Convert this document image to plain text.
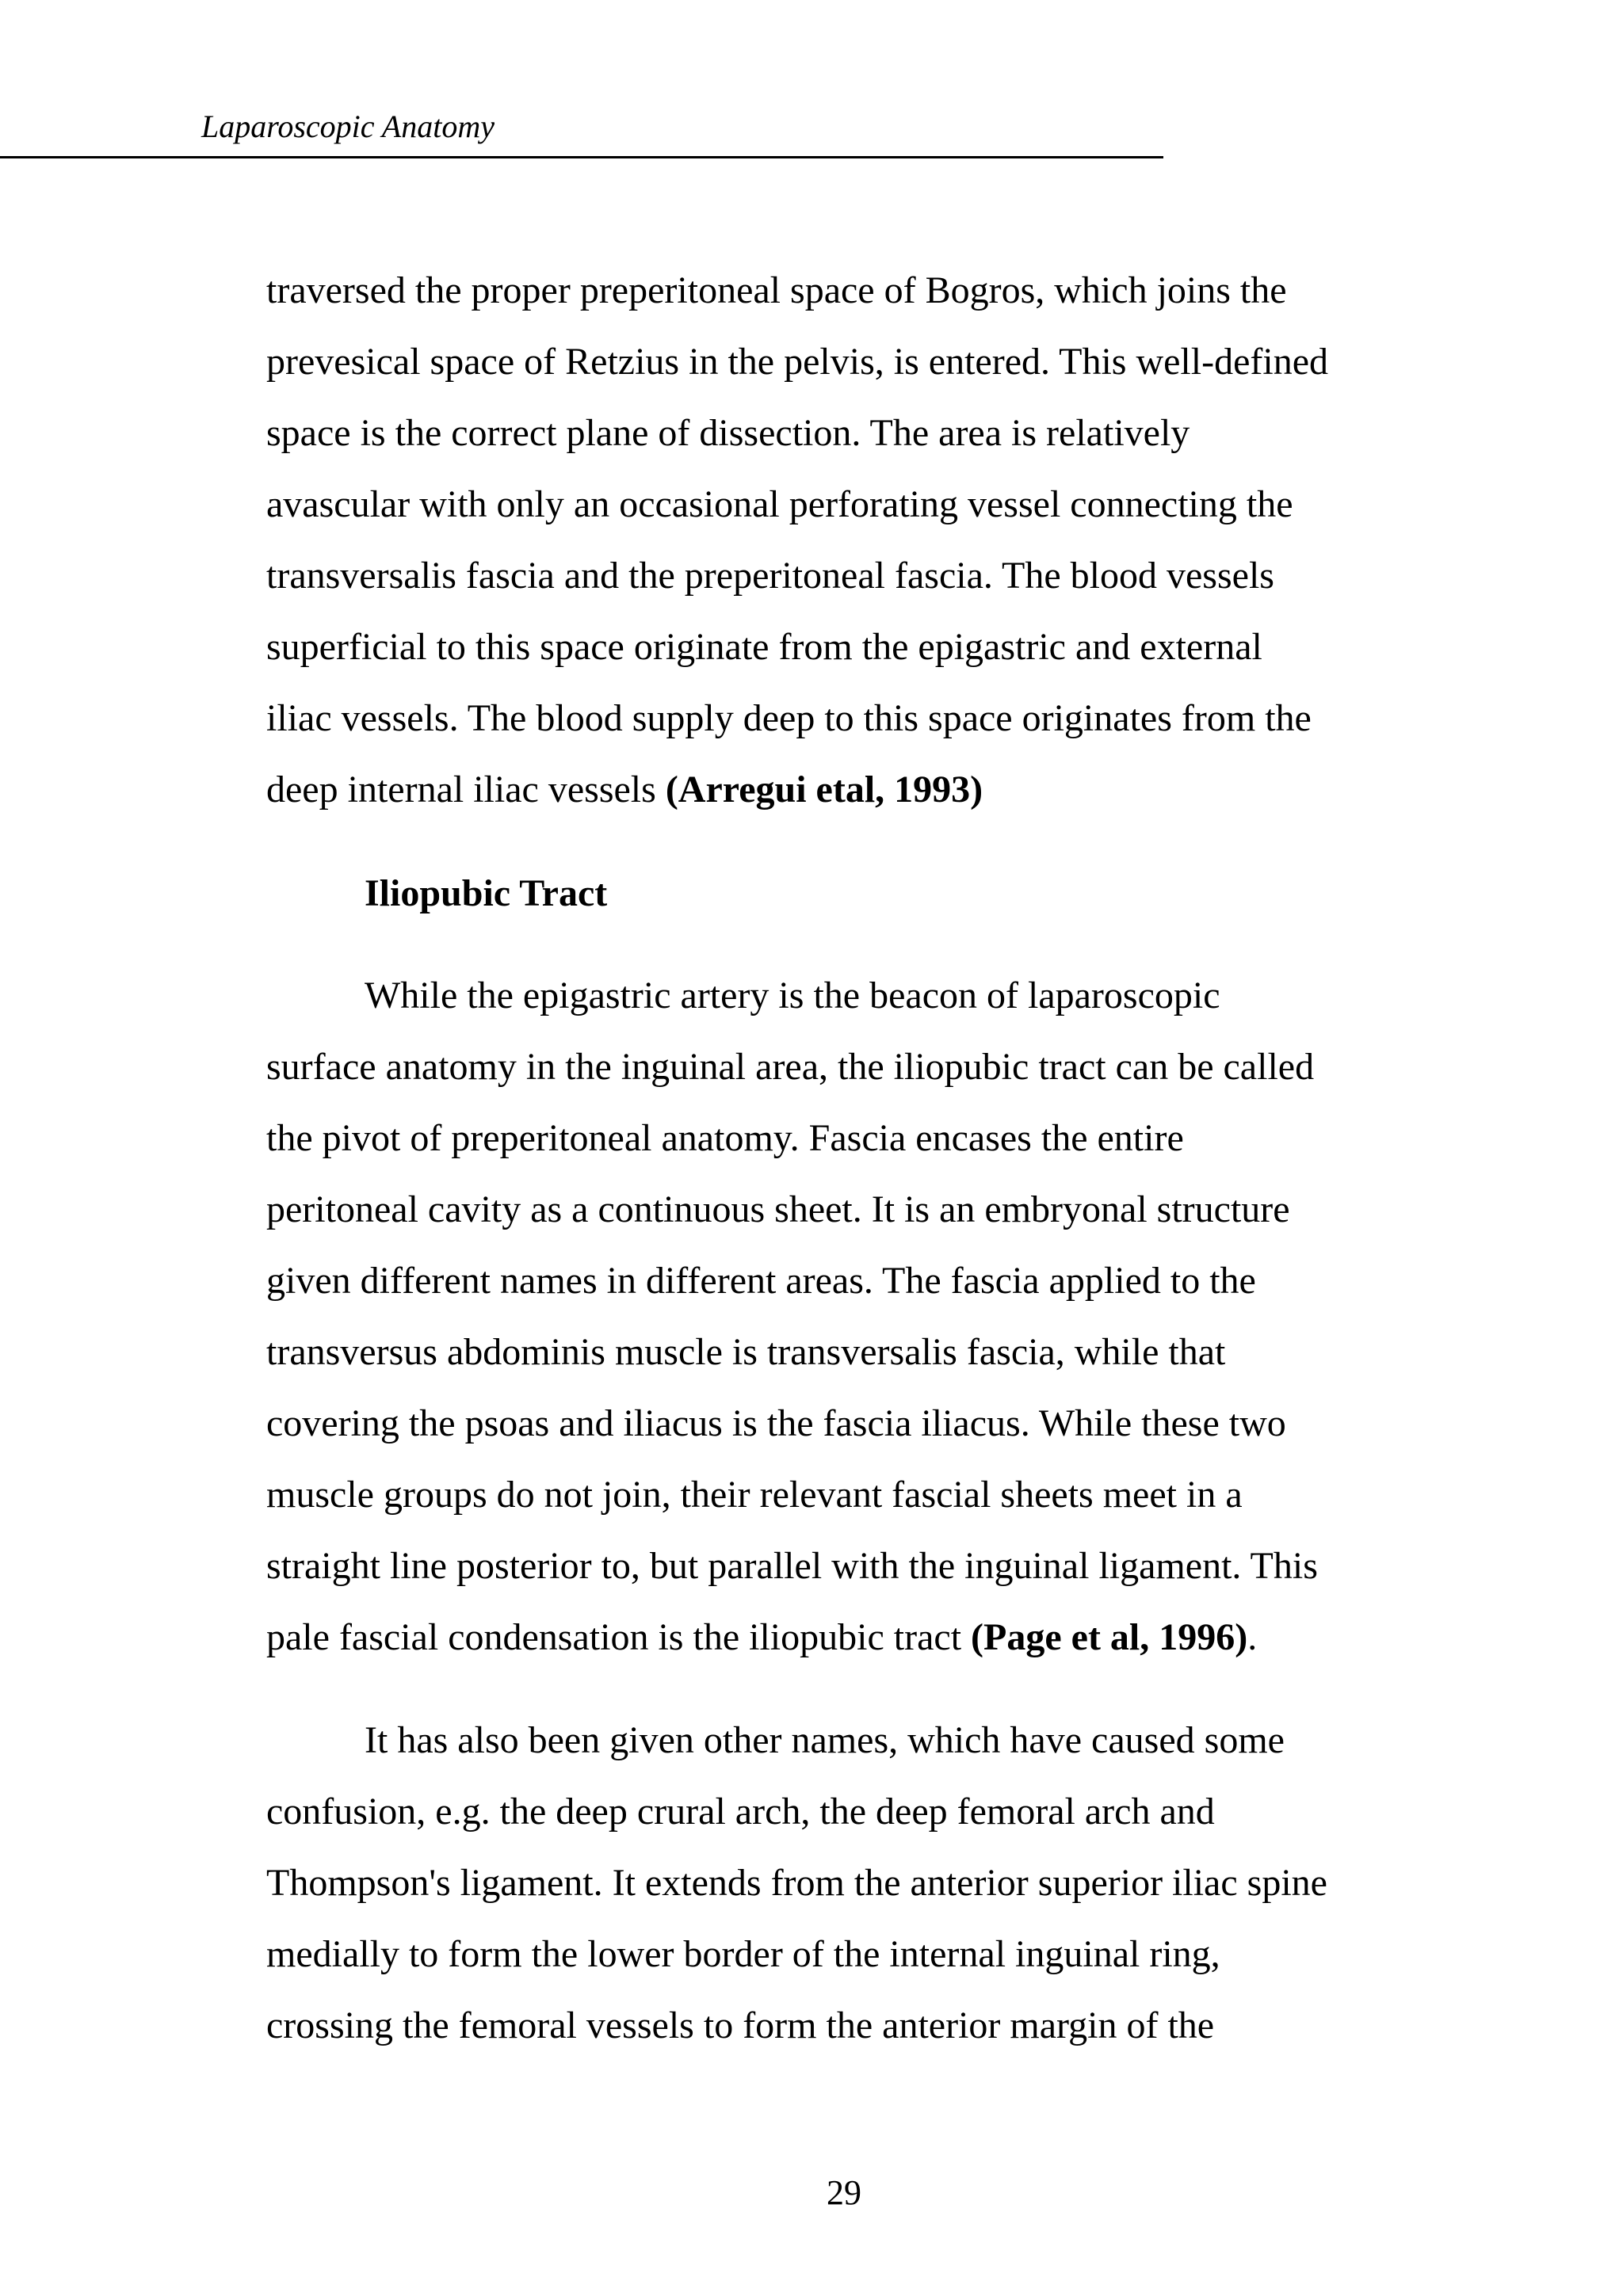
Laparoscopic Anatomy
traversed the proper preperitoneal space of Bogros, which joins the
prevesical space of Retzius in the pelvis, is entered. This well-defined
space is the correct plane of dissection. The area is relatively
avascular with only an occasional perforating vessel connecting the
transversalis fascia and the preperitoneal fascia. The blood vessels
superficial to this space originate from the epigastric and external
iliac vessels. The blood supply deep to this space originates from the
deep internal iliac vessels (Arregui etal, 1993)
Iliopubic Tract
While the epigastric artery is the beacon of laparoscopic
surface anatomy in the inguinal area, the iliopubic tract can be called
the pivot of preperitoneal anatomy. Fascia encases the entire
peritoneal cavity as a continuous sheet. It is an embryonal structure
given different names in different areas. The fascia applied to the
transversus abdominis muscle is transversalis fascia, while that
covering the psoas and iliacus is the fascia iliacus. While these two
muscle groups do not join, their relevant fascial sheets meet in a
straight line posterior to, but parallel with the inguinal ligament. This
pale fascial condensation is the iliopubic tract (Page et al, 1996).
It has also been given other names, which have caused some
confusion, e.g. the deep crural arch, the deep femoral arch and
Thompson's ligament. It extends from the anterior superior iliac spine
medially to form the lower border of the internal inguinal ring,
crossing the femoral vessels to form the anterior margin of the
29
